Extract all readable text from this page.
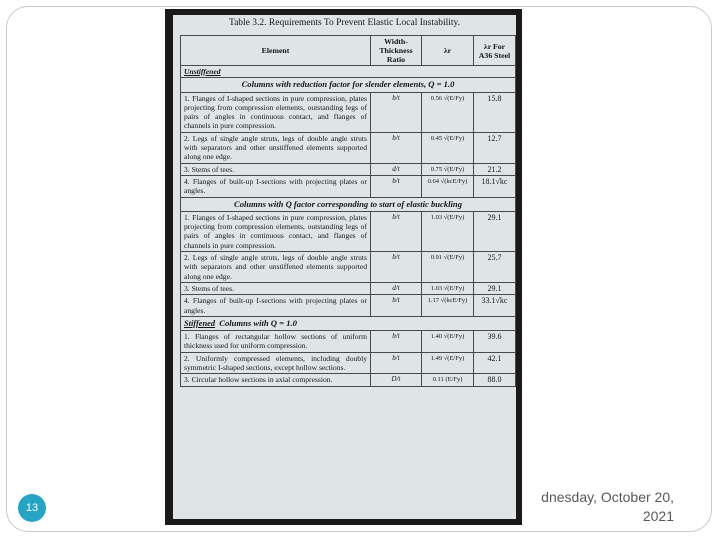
Table 3.2. Requirements To Prevent Elastic Local Instability.
Element	Width-Thickness Ratio	λr	λr For A36 Steel
Unstiffened			
Columns with reduction factor for slender elements, Q = 1.0			
1. Flanges of I-shaped sections in pure compression, plates projecting from compression elements, outstanding legs of pairs of angles in continuous contact, and flanges of channels in pure compression.	b/t	0.56 √(E/Fy)	15.8
2. Legs of single angle struts, legs of double angle struts with separators and other unstiffened elements supported along one edge.	b/t	0.45 √(E/Fy)	12.7
3. Stems of tees.	d/t	0.75 √(E/Fy)	21.2
4. Flanges of built-up I-sections with projecting plates or angles.	b/t	0.64 √(kcE/Fy)	18.1√kc
Columns with Q factor corresponding to start of elastic buckling			
1. Flanges of I-shaped sections in pure compression, plates projecting from compression elements, outstanding legs of pairs of angles in continuous contact, and flanges of channels in pure compression.	b/t	1.03 √(E/Fy)	29.1
2. Legs of single angle struts, legs of double angle struts with separators and other unstiffened elements supported along one edge.	b/t	0.91 √(E/Fy)	25.7
3. Stems of tees.	d/t	1.03 √(E/Fy)	29.1
4. Flanges of built-up I-sections with projecting plates or angles.	b/t	1.17 √(kcE/Fy)	33.1√kc
Stiffened Columns with Q = 1.0			
1. Flanges of rectangular hollow sections of uniform thickness used for uniform compression.	b/t	1.40 √(E/Fy)	39.6
2. Uniformly compressed elements, including doubly symmetric I-shaped sections, except hollow sections.	b/t	1.49 √(E/Fy)	42.1
3. Circular hollow sections in axial compression.	D/t	0.11 (E/Fy)	88.0
13
dnesday, October 20,
2021
